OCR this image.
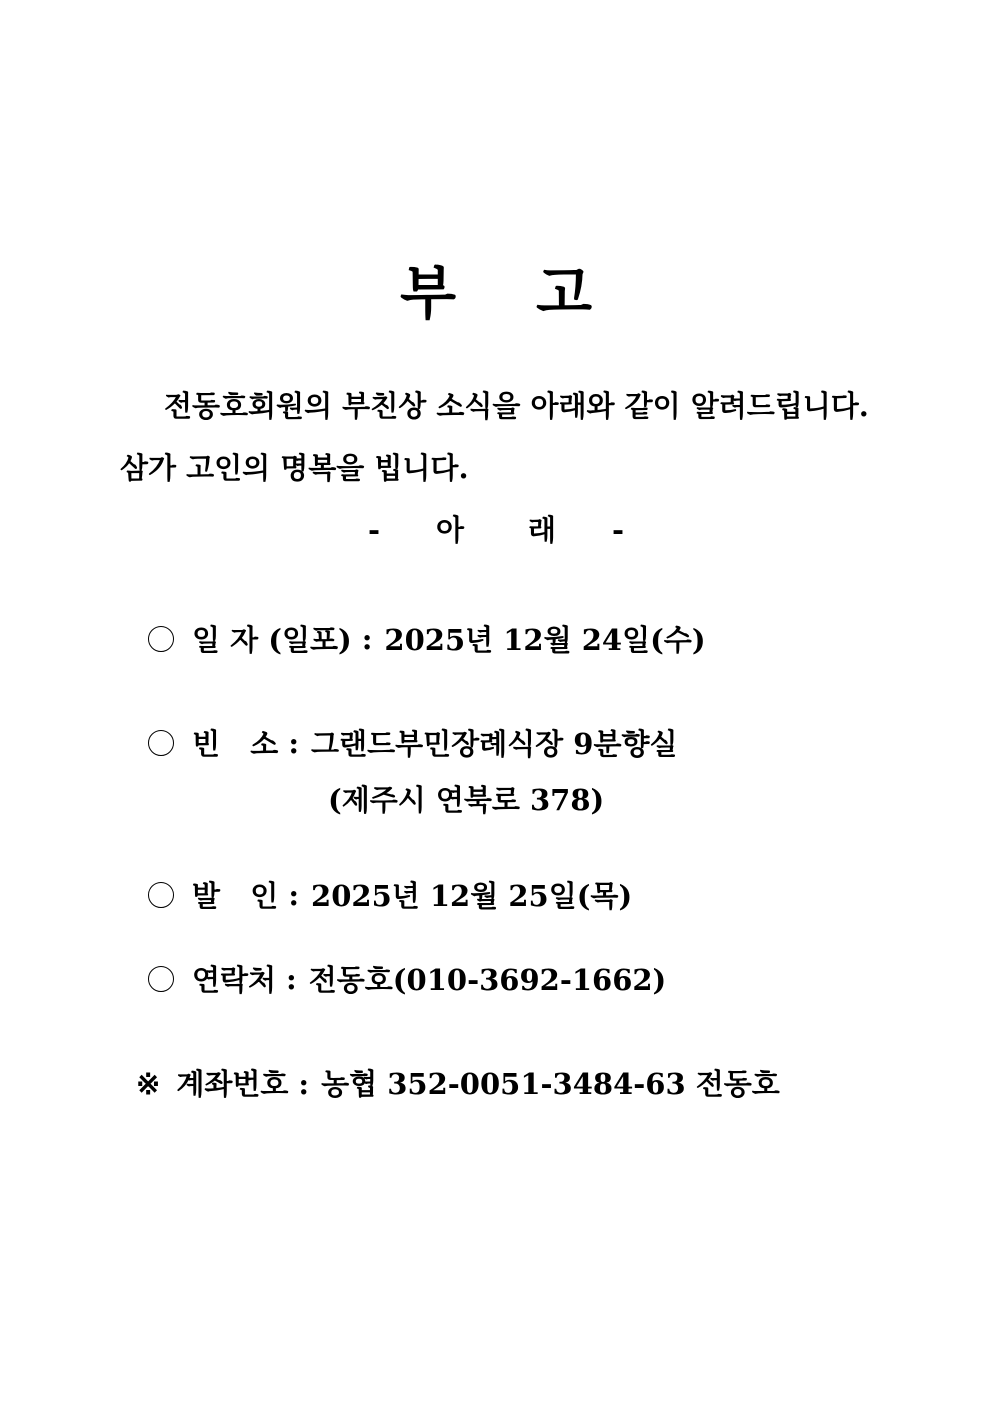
부 고
전동호회원의 부친상 소식을 아래와 같이 알려드립니다.
삼가 고인의 명복을 빕니다.
- 아 래 -
일 자 (일포) : 2025년 12월 24일(수)
빈   소 : 그랜드부민장례식장 9분향실
(제주시 연북로 378)
발   인 : 2025년 12월 25일(목)
연락처 : 전동호(010-3692-1662)
※ 계좌번호 : 농협 352-0051-3484-63 전동호
